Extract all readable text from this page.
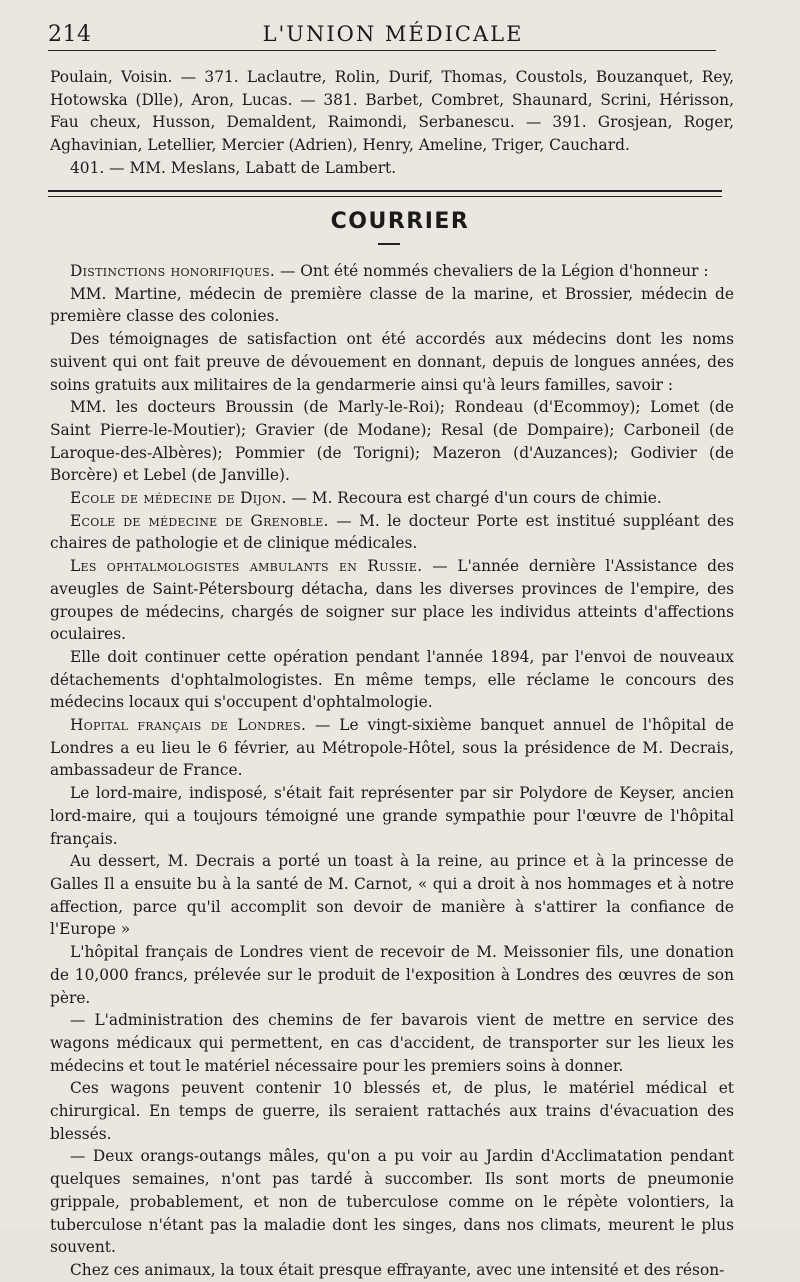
214	L'UNION MÉDICALE

Poulain, Voisin. — 371. Laclautre, Rolin, Durif, Thomas, Coustols, Bouzanquet, Rey, Hotowska (Dlle), Aron, Lucas. — 381. Barbet, Combret, Shaunard, Scrini, Hérisson, Fau cheux, Husson, Demaldent, Raimondi, Serbanescu. — 391. Grosjean, Roger, Aghavinian, Letellier, Mercier (Adrien), Henry, Ameline, Triger, Cauchard.

401. — MM. Meslans, Labatt de Lambert.

COURRIER

Distinctions honorifiques. — Ont été nommés chevaliers de la Légion d'honneur :

MM. Martine, médecin de première classe de la marine, et Brossier, médecin de première classe des colonies.

Des témoignages de satisfaction ont été accordés aux médecins dont les noms suivent qui ont fait preuve de dévouement en donnant, depuis de longues années, des soins gratuits aux militaires de la gendarmerie ainsi qu'à leurs familles, savoir :

MM. les docteurs Broussin (de Marly-le-Roi); Rondeau (d'Ecommoy); Lomet (de Saint Pierre-le-Moutier); Gravier (de Modane); Resal (de Dompaire); Carboneil (de Laroque-des-Albères); Pommier (de Torigni); Mazeron (d'Auzances); Godivier (de Borcère) et Lebel (de Janville).

Ecole de médecine de Dijon. — M. Recoura est chargé d'un cours de chimie.

Ecole de médecine de Grenoble. — M. le docteur Porte est institué suppléant des chaires de pathologie et de clinique médicales.

Les ophtalmologistes ambulants en Russie. — L'année dernière l'Assistance des aveugles de Saint-Pétersbourg détacha, dans les diverses provinces de l'empire, des groupes de médecins, chargés de soigner sur place les individus atteints d'affections oculaires.

Elle doit continuer cette opération pendant l'année 1894, par l'envoi de nouveaux détachements d'ophtalmologistes. En même temps, elle réclame le concours des médecins locaux qui s'occupent d'ophtalmologie.

Hopital français de Londres. — Le vingt-sixième banquet annuel de l'hôpital de Londres a eu lieu le 6 février, au Métropole-Hôtel, sous la présidence de M. Decrais, ambassadeur de France.

Le lord-maire, indisposé, s'était fait représenter par sir Polydore de Keyser, ancien lord-maire, qui a toujours témoigné une grande sympathie pour l'œuvre de l'hôpital français.

Au dessert, M. Decrais a porté un toast à la reine, au prince et à la princesse de Galles Il a ensuite bu à la santé de M. Carnot, « qui a droit à nos hommages et à notre affection, parce qu'il accomplit son devoir de manière à s'attirer la confiance de l'Europe »

L'hôpital français de Londres vient de recevoir de M. Meissonier fils, une donation de 10,000 francs, prélevée sur le produit de l'exposition à Londres des œuvres de son père.

— L'administration des chemins de fer bavarois vient de mettre en service des wagons médicaux qui permettent, en cas d'accident, de transporter sur les lieux les médecins et tout le matériel nécessaire pour les premiers soins à donner.

Ces wagons peuvent contenir 10 blessés et, de plus, le matériel médical et chirurgical. En temps de guerre, ils seraient rattachés aux trains d'évacuation des blessés.

— Deux orangs-outangs mâles, qu'on a pu voir au Jardin d'Acclimatation pendant quelques semaines, n'ont pas tardé à succomber. Ils sont morts de pneumonie grippale, probablement, et non de tuberculose comme on le répète volontiers, la tuberculose n'étant pas la maladie dont les singes, dans nos climats, meurent le plus souvent.

Chez ces animaux, la toux était presque effrayante, avec une intensité et des réson-
